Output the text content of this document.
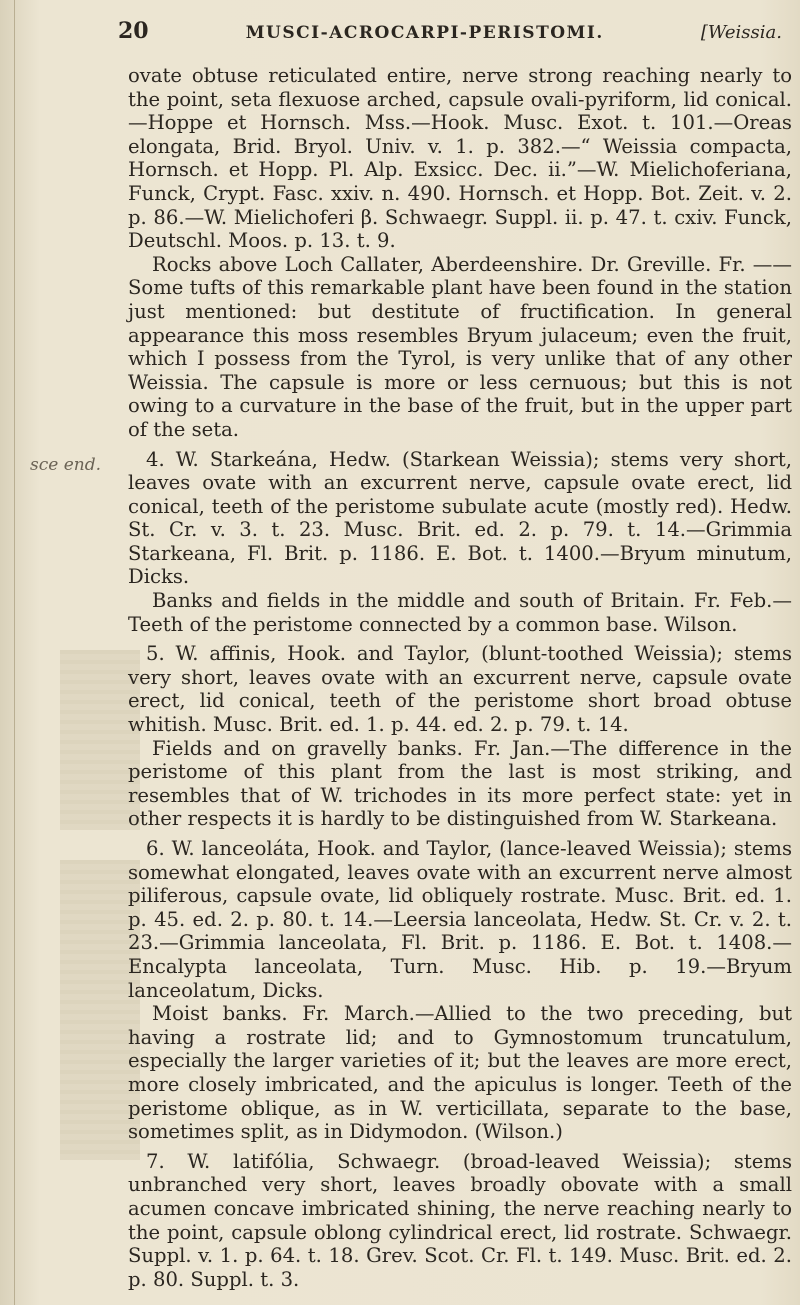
20	MUSCI-ACROCARPI-PERISTOMI.	[Weissia.
sce end.

ovate obtuse reticulated entire, nerve strong reaching nearly to the point, seta flexuose arched, capsule ovali-pyriform, lid conical.—Hoppe et Hornsch. Mss.—Hook. Musc. Exot. t. 101.—Oreas elongata, Brid. Bryol. Univ. v. 1. p. 382.—“ Weissia compacta, Hornsch. et Hopp. Pl. Alp. Exsicc. Dec. ii.”—W. Mielichoferiana, Funck, Crypt. Fasc. xxiv. n. 490. Hornsch. et Hopp. Bot. Zeit. v. 2. p. 86.—W. Mielichoferi β. Schwaegr. Suppl. ii. p. 47. t. cxiv. Funck, Deutschl. Moos. p. 13. t. 9.

Rocks above Loch Callater, Aberdeenshire. Dr. Greville. Fr. —— Some tufts of this remarkable plant have been found in the station just mentioned: but destitute of fructification. In general appearance this moss resembles Bryum julaceum; even the fruit, which I possess from the Tyrol, is very unlike that of any other Weissia. The capsule is more or less cernuous; but this is not owing to a curvature in the base of the fruit, but in the upper part of the seta.

4. W. Starkeána, Hedw. (Starkean Weissia); stems very short, leaves ovate with an excurrent nerve, capsule ovate erect, lid conical, teeth of the peristome subulate acute (mostly red). Hedw. St. Cr. v. 3. t. 23. Musc. Brit. ed. 2. p. 79. t. 14.—Grimmia Starkeana, Fl. Brit. p. 1186. E. Bot. t. 1400.—Bryum minutum, Dicks.

Banks and fields in the middle and south of Britain. Fr. Feb.—Teeth of the peristome connected by a common base. Wilson.

5. W. affinis, Hook. and Taylor, (blunt-toothed Weissia); stems very short, leaves ovate with an excurrent nerve, capsule ovate erect, lid conical, teeth of the peristome short broad obtuse whitish. Musc. Brit. ed. 1. p. 44. ed. 2. p. 79. t. 14.

Fields and on gravelly banks. Fr. Jan.—The difference in the peristome of this plant from the last is most striking, and resembles that of W. trichodes in its more perfect state: yet in other respects it is hardly to be distinguished from W. Starkeana.

6. W. lanceoláta, Hook. and Taylor, (lance-leaved Weissia); stems somewhat elongated, leaves ovate with an excurrent nerve almost piliferous, capsule ovate, lid obliquely rostrate. Musc. Brit. ed. 1. p. 45. ed. 2. p. 80. t. 14.—Leersia lanceolata, Hedw. St. Cr. v. 2. t. 23.—Grimmia lanceolata, Fl. Brit. p. 1186. E. Bot. t. 1408.—Encalypta lanceolata, Turn. Musc. Hib. p. 19.—Bryum lanceolatum, Dicks.

Moist banks. Fr. March.—Allied to the two preceding, but having a rostrate lid; and to Gymnostomum truncatulum, especially the larger varieties of it; but the leaves are more erect, more closely imbricated, and the apiculus is longer. Teeth of the peristome oblique, as in W. verticillata, separate to the base, sometimes split, as in Didymodon. (Wilson.)

7. W. latifólia, Schwaegr. (broad-leaved Weissia); stems unbranched very short, leaves broadly obovate with a small acumen concave imbricated shining, the nerve reaching nearly to the point, capsule oblong cylindrical erect, lid rostrate. Schwaegr. Suppl. v. 1. p. 64. t. 18. Grev. Scot. Cr. Fl. t. 149. Musc. Brit. ed. 2. p. 80. Suppl. t. 3.
